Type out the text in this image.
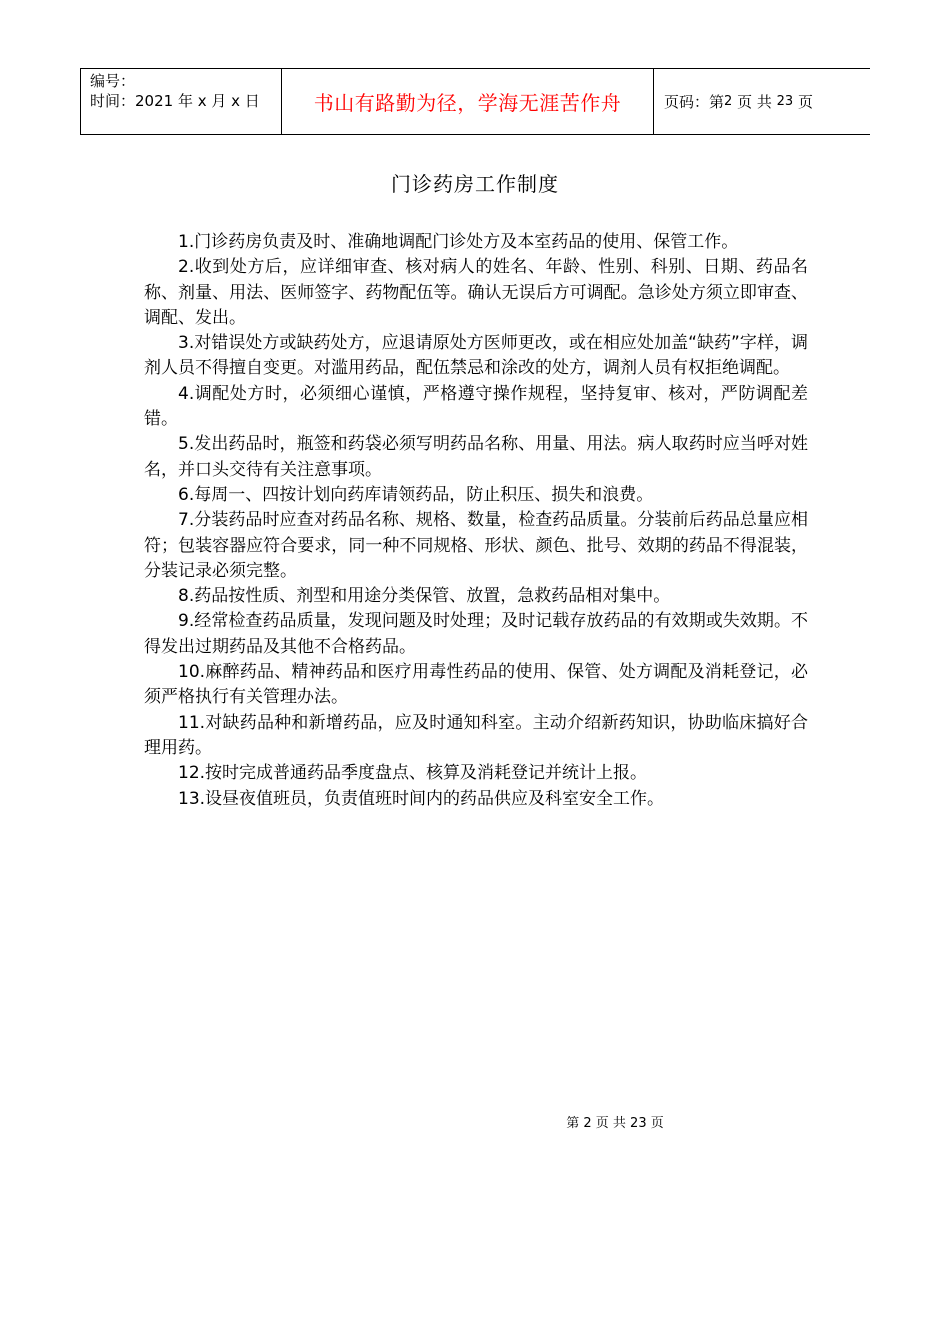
编号：
时间：2021 年 x 月 x 日	书山有路勤为径，学海无涯苦作舟	页码：第 2
页 共
23
页
门诊药房工作制度

1.门诊药房负责及时、准确地调配门诊处方及本室药品的使用、保管工作。

2.收到处方后，应详细审查、核对病人的姓名、年龄、性别、科别、日期、药品名称、剂量、用法、医师签字、药物配伍等。确认无误后方可调配。急诊处方须立即审查、调配、发出。

3.对错误处方或缺药处方，应退请原处方医师更改，或在相应处加盖“缺药”字样，调剂人员不得擅自变更。对滥用药品，配伍禁忌和涂改的处方，调剂人员有权拒绝调配。

4.调配处方时，必须细心谨慎，严格遵守操作规程，坚持复审、核对，严防调配差错。

5.发出药品时，瓶签和药袋必须写明药品名称、用量、用法。病人取药时应当呼对姓名，并口头交待有关注意事项。

6.每周一、四按计划向药库请领药品，防止积压、损失和浪费。

7.分装药品时应查对药品名称、规格、数量，检查药品质量。分装前后药品总量应相符；包装容器应符合要求，同一种不同规格、形状、颜色、批号、效期的药品不得混装，分装记录必须完整。

8.药品按性质、剂型和用途分类保管、放置，急救药品相对集中。

9.经常检查药品质量，发现问题及时处理；及时记载存放药品的有效期或失效期。不得发出过期药品及其他不合格药品。

10.麻醉药品、精神药品和医疗用毒性药品的使用、保管、处方调配及消耗登记，必须严格执行有关管理办法。

11.对缺药品种和新增药品，应及时通知科室。主动介绍新药知识，协助临床搞好合理用药。

12.按时完成普通药品季度盘点、核算及消耗登记并统计上报。

13.设昼夜值班员，负责值班时间内的药品供应及科室安全工作。

第 2 页 共 23 页
